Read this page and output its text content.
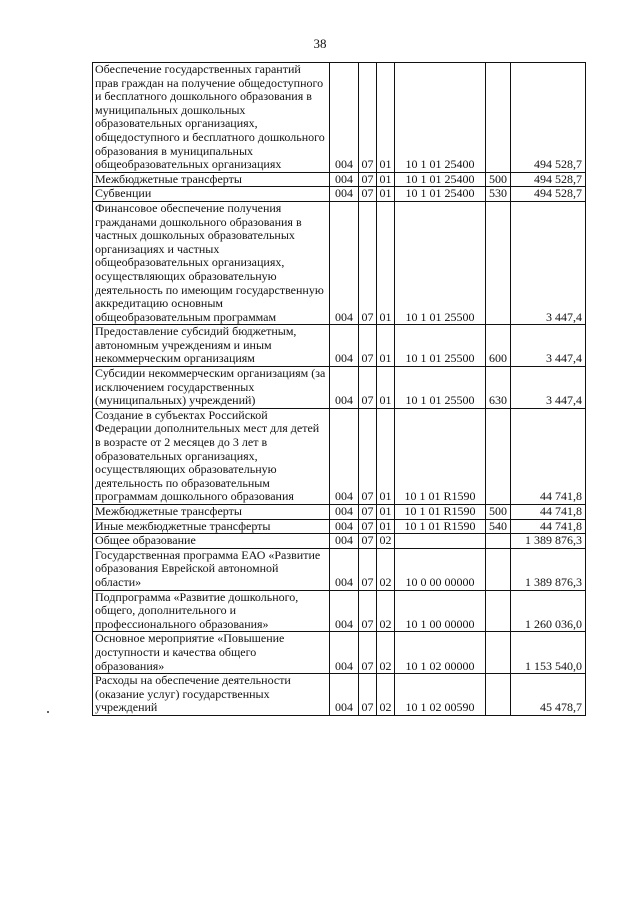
38
Обеспечение государственных гарантий прав граждан на получение общедоступного и бесплатного дошкольного образования в муниципальных дошкольных образовательных организациях, общедоступного и бесплатного дошкольного образования в муниципальных общеобразовательных организациях	004	07	01	10 1 01 25400		494 528,7
Межбюджетные трансферты	004	07	01	10 1 01 25400	500	494 528,7
Субвенции	004	07	01	10 1 01 25400	530	494 528,7
Финансовое обеспечение получения гражданами дошкольного образования в частных дошкольных образовательных организациях и частных общеобразовательных организациях, осуществляющих образовательную деятельность по имеющим государственную аккредитацию основным общеобразовательным программам	004	07	01	10 1 01 25500		3 447,4
Предоставление субсидий бюджетным, автономным учреждениям и иным некоммерческим организациям	004	07	01	10 1 01 25500	600	3 447,4
Субсидии некоммерческим организациям (за исключением государственных (муниципальных) учреждений)	004	07	01	10 1 01 25500	630	3 447,4
Создание в субъектах Российской Федерации дополнительных мест для детей в возрасте от 2 месяцев до 3 лет в образовательных организациях, осуществляющих образовательную деятельность по образовательным программам дошкольного образования	004	07	01	10 1 01 R1590		44 741,8
Межбюджетные трансферты	004	07	01	10 1 01 R1590	500	44 741,8
Иные межбюджетные трансферты	004	07	01	10 1 01 R1590	540	44 741,8
Общее образование	004	07	02			1 389 876,3
Государственная программа ЕАО «Развитие образования Еврейской автономной области»	004	07	02	10 0 00 00000		1 389 876,3
Подпрограмма «Развитие дошкольного, общего, дополнительного и профессионального образования»	004	07	02	10 1 00 00000		1 260 036,0
Основное мероприятие «Повышение доступности и качества общего образования»	004	07	02	10 1 02 00000		1 153 540,0
Расходы на обеспечение деятельности (оказание услуг) государственных учреждений	004	07	02	10 1 02 00590		45 478,7
